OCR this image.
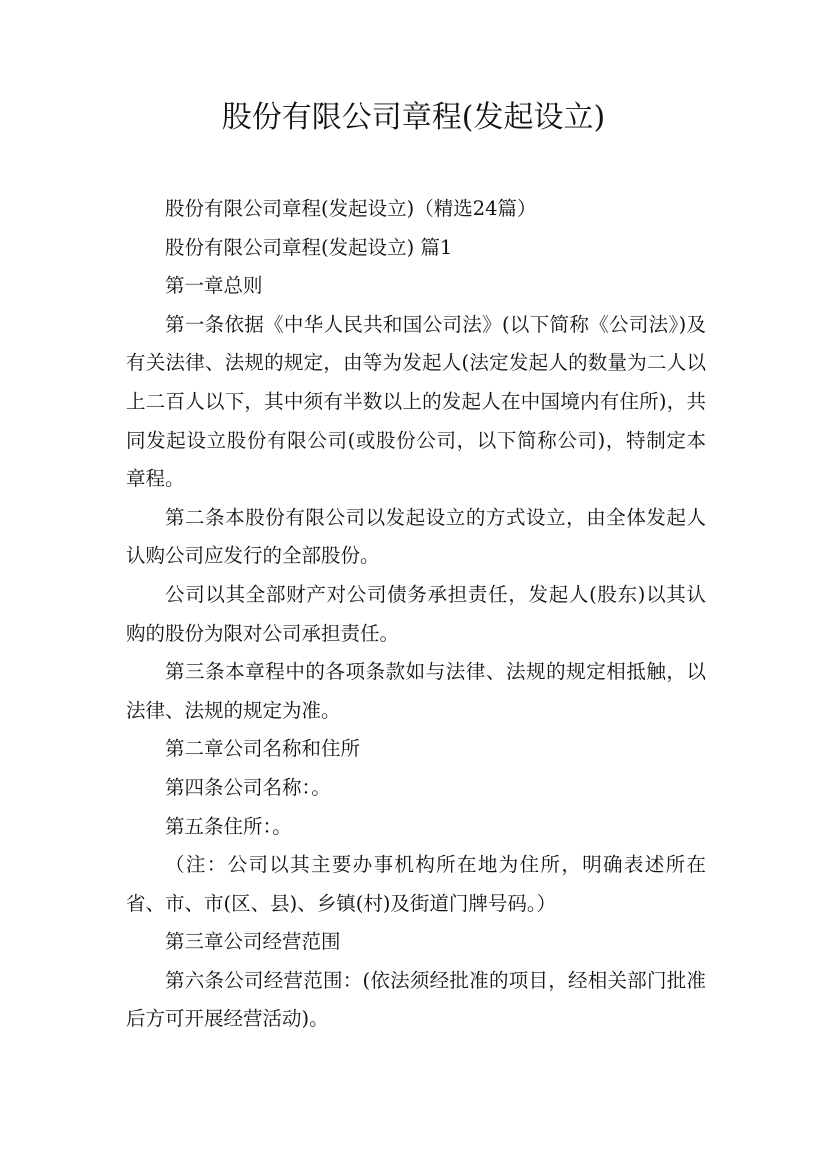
股份有限公司章程(发起设立)

股份有限公司章程(发起设立)（精选24篇）

股份有限公司章程(发起设立) 篇1

第一章总则

第一条依据《中华人民共和国公司法》(以下简称《公司法》)及有关法律、法规的规定，由等为发起人(法定发起人的数量为二人以上二百人以下，其中须有半数以上的发起人在中国境内有住所)，共同发起设立股份有限公司(或股份公司，以下简称公司)，特制定本章程。

第二条本股份有限公司以发起设立的方式设立，由全体发起人认购公司应发行的全部股份。

公司以其全部财产对公司债务承担责任，发起人(股东)以其认购的股份为限对公司承担责任。

第三条本章程中的各项条款如与法律、法规的规定相抵触，以法律、法规的规定为准。

第二章公司名称和住所

第四条公司名称：。

第五条住所：。

（注：公司以其主要办事机构所在地为住所，明确表述所在省、市、市(区、县)、乡镇(村)及街道门牌号码。）

第三章公司经营范围

第六条公司经营范围：(依法须经批准的项目，经相关部门批准后方可开展经营活动)。
